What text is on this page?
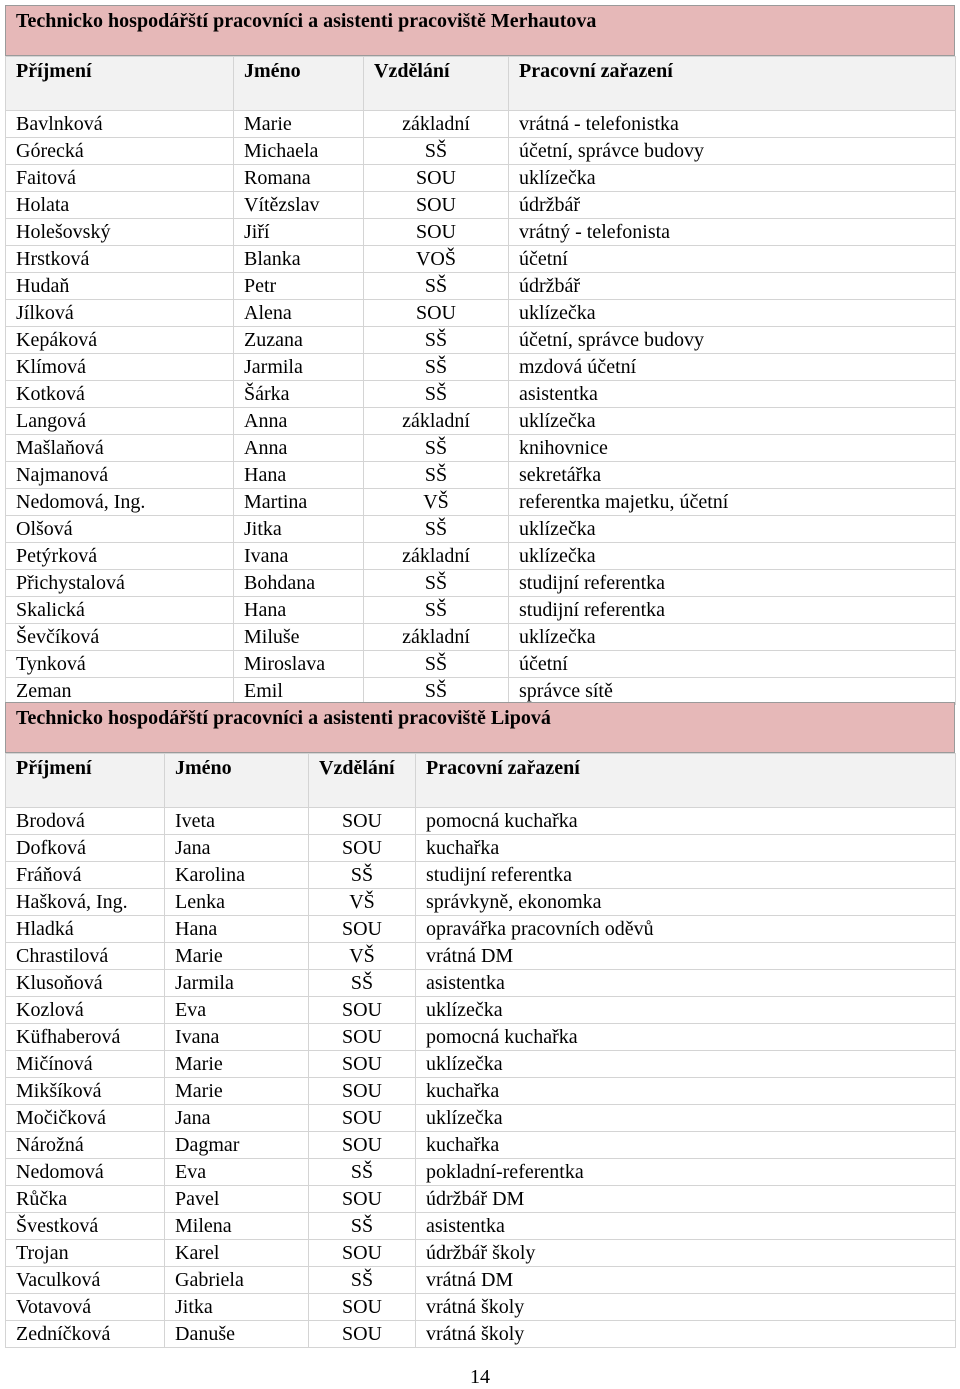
Technicko hospodářští pracovníci a asistenti pracoviště Merhautova
Příjmení	Jméno	Vzdělání	Pracovní zařazení
Bavlnková	Marie	základní	vrátná - telefonistka
Górecká	Michaela	SŠ	účetní, správce budovy
Faitová	Romana	SOU	uklízečka
Holata	Vítězslav	SOU	údržbář
Holešovský	Jiří	SOU	vrátný - telefonista
Hrstková	Blanka	VOŠ	účetní
Hudaň	Petr	SŠ	údržbář
Jílková	Alena	SOU	uklízečka
Kepáková	Zuzana	SŠ	účetní, správce budovy
Klímová	Jarmila	SŠ	mzdová účetní
Kotková	Šárka	SŠ	asistentka
Langová	Anna	základní	uklízečka
Mašlaňová	Anna	SŠ	knihovnice
Najmanová	Hana	SŠ	sekretářka
Nedomová, Ing.	Martina	VŠ	referentka majetku, účetní
Olšová	Jitka	SŠ	uklízečka
Petýrková	Ivana	základní	uklízečka
Přichystalová	Bohdana	SŠ	studijní referentka
Skalická	Hana	SŠ	studijní referentka
Ševčíková	Miluše	základní	uklízečka
Tynková	Miroslava	SŠ	účetní
Zeman	Emil	SŠ	správce sítě
Technicko hospodářští pracovníci a asistenti pracoviště Lipová
Příjmení	Jméno	Vzdělání	Pracovní zařazení
Brodová	Iveta	SOU	pomocná kuchařka
Dofková	Jana	SOU	kuchařka
Fráňová	Karolina	SŠ	studijní referentka
Hašková, Ing.	Lenka	VŠ	správkyně, ekonomka
Hladká	Hana	SOU	opravářka pracovních oděvů
Chrastilová	Marie	VŠ	vrátná DM
Klusoňová	Jarmila	SŠ	asistentka
Kozlová	Eva	SOU	uklízečka
Küfhaberová	Ivana	SOU	pomocná kuchařka
Mičínová	Marie	SOU	uklízečka
Mikšíková	Marie	SOU	kuchařka
Močičková	Jana	SOU	uklízečka
Nárožná	Dagmar	SOU	kuchařka
Nedomová	Eva	SŠ	pokladní-referentka
Růčka	Pavel	SOU	údržbář DM
Švestková	Milena	SŠ	asistentka
Trojan	Karel	SOU	údržbář školy
Vaculková	Gabriela	SŠ	vrátná DM
Votavová	Jitka	SOU	vrátná školy
Zedníčková	Danuše	SOU	vrátná školy
14
